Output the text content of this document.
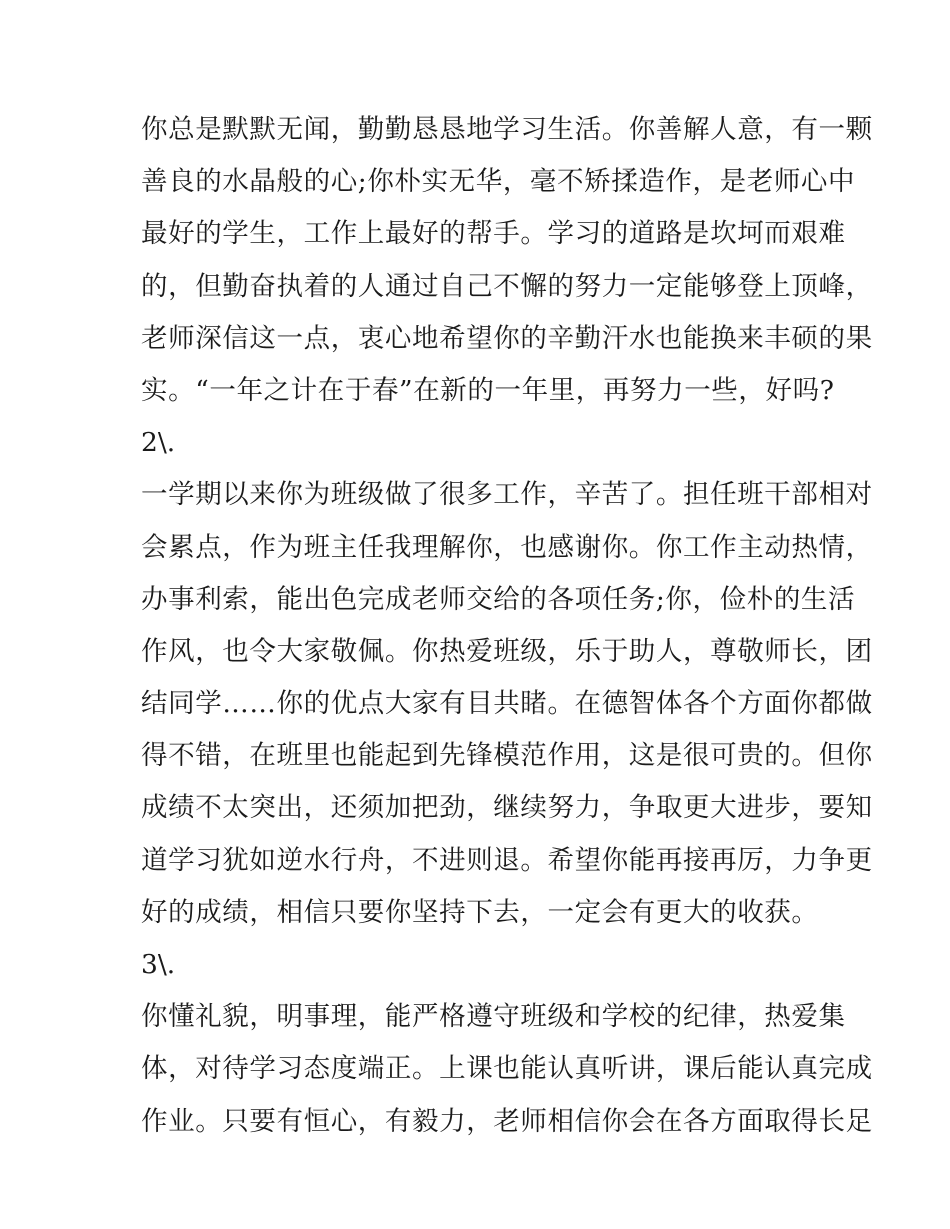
你总是默默无闻，勤勤恳恳地学习生活。你善解人意，有一颗
善良的水晶般的心;你朴实无华，毫不矫揉造作，是老师心中
最好的学生，工作上最好的帮手。学习的道路是坎坷而艰难
的，但勤奋执着的人通过自己不懈的努力一定能够登上顶峰，
老师深信这一点，衷心地希望你的辛勤汗水也能换来丰硕的果
实。“一年之计在于春”在新的一年里，再努力一些，好吗?
2\.
一学期以来你为班级做了很多工作，辛苦了。担任班干部相对
会累点，作为班主任我理解你，也感谢你。你工作主动热情，
办事利索，能出色完成老师交给的各项任务;你，俭朴的生活
作风，也令大家敬佩。你热爱班级，乐于助人，尊敬师长，团
结同学……你的优点大家有目共睹。在德智体各个方面你都做
得不错，在班里也能起到先锋模范作用，这是很可贵的。但你
成绩不太突出，还须加把劲，继续努力，争取更大进步，要知
道学习犹如逆水行舟，不进则退。希望你能再接再厉，力争更
好的成绩，相信只要你坚持下去，一定会有更大的收获。
3\.
你懂礼貌，明事理，能严格遵守班级和学校的纪律，热爱集
体，对待学习态度端正。上课也能认真听讲，课后能认真完成
作业。只要有恒心，有毅力，老师相信你会在各方面取得长足
